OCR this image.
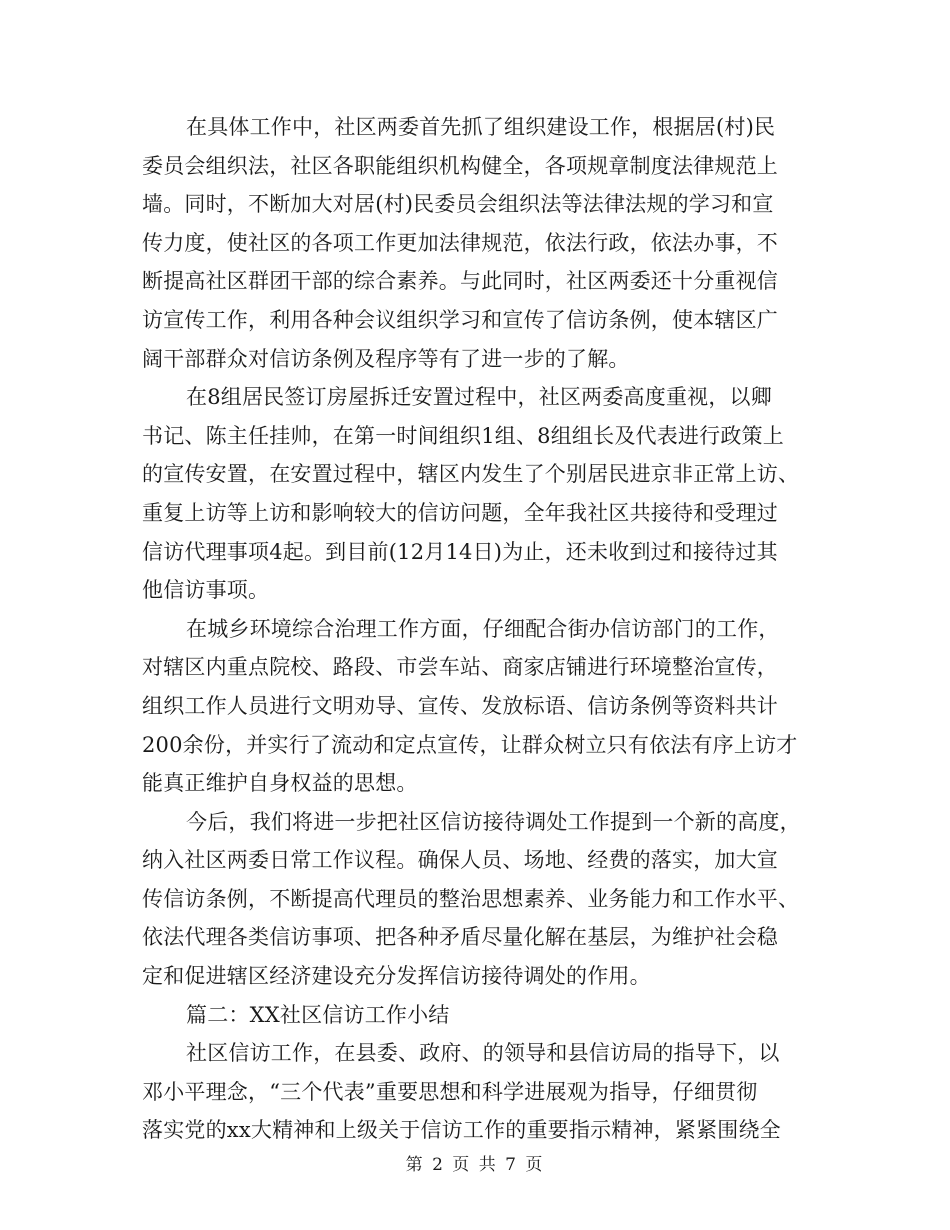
在具体工作中，社区两委首先抓了组织建设工作，根据居(村)民
委员会组织法，社区各职能组织机构健全，各项规章制度法律规范上
墙。同时，不断加大对居(村)民委员会组织法等法律法规的学习和宣
传力度，使社区的各项工作更加法律规范，依法行政，依法办事，不
断提高社区群团干部的综合素养。与此同时，社区两委还十分重视信
访宣传工作，利用各种会议组织学习和宣传了信访条例，使本辖区广
阔干部群众对信访条例及程序等有了进一步的了解。

在8组居民签订房屋拆迁安置过程中，社区两委高度重视，以卿
书记、陈主任挂帅，在第一时间组织1组、8组组长及代表进行政策上
的宣传安置，在安置过程中，辖区内发生了个别居民进京非正常上访、
重复上访等上访和影响较大的信访问题，全年我社区共接待和受理过
信访代理事项4起。到目前(12月14日)为止，还未收到过和接待过其
他信访事项。

在城乡环境综合治理工作方面，仔细配合街办信访部门的工作，
对辖区内重点院校、路段、市尝车站、商家店铺进行环境整治宣传，
组织工作人员进行文明劝导、宣传、发放标语、信访条例等资料共计
200余份，并实行了流动和定点宣传，让群众树立只有依法有序上访才
能真正维护自身权益的思想。

今后，我们将进一步把社区信访接待调处工作提到一个新的高度，
纳入社区两委日常工作议程。确保人员、场地、经费的落实，加大宣
传信访条例，不断提高代理员的整治思想素养、业务能力和工作水平、
依法代理各类信访事项、把各种矛盾尽量化解在基层，为维护社会稳
定和促进辖区经济建设充分发挥信访接待调处的作用。

篇二：XX社区信访工作小结

社区信访工作，在县委、政府、的领导和县信访局的指导下，以
邓小平理念，“三个代表”重要思想和科学进展观为指导，仔细贯彻
落实党的xx大精神和上级关于信访工作的重要指示精神，紧紧围绕全

第 2 页 共 7 页
